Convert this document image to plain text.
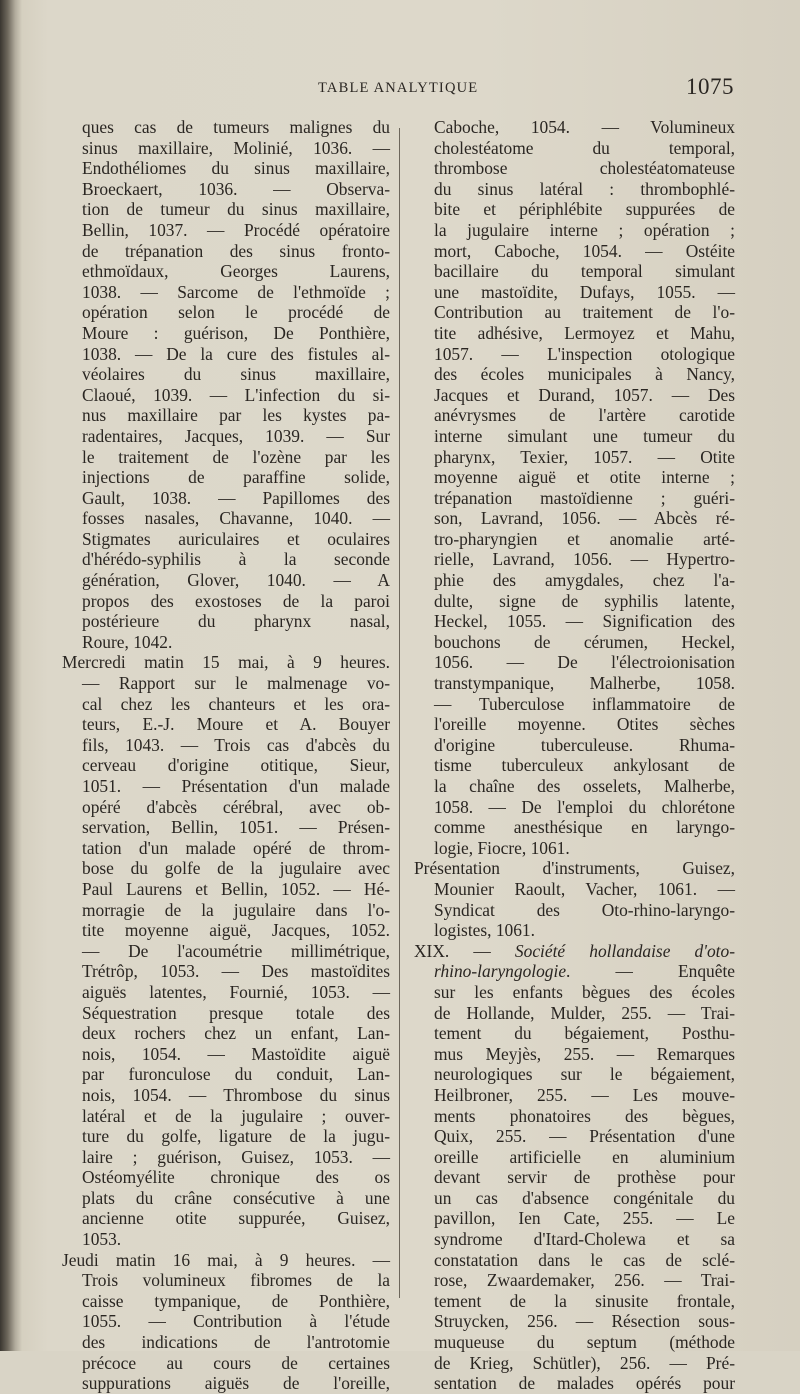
TABLE ANALYTIQUE	1075
ques cas de tumeurs malignes du
sinus maxillaire, Molinié, 1036. —
Endothéliomes du sinus maxillaire,
Broeckaert, 1036. — Observa-
tion de tumeur du sinus maxillaire,
Bellin, 1037. — Procédé opératoire
de trépanation des sinus fronto-
ethmoïdaux, Georges Laurens,
1038. — Sarcome de l'ethmoïde ;
opération selon le procédé de
Moure : guérison, De Ponthière,
1038. — De la cure des fistules al-
véolaires du sinus maxillaire,
Claoué, 1039. — L'infection du si-
nus maxillaire par les kystes pa-
radentaires, Jacques, 1039. — Sur
le traitement de l'ozène par les
injections de paraffine solide,
Gault, 1038. — Papillomes des
fosses nasales, Chavanne, 1040. —
Stigmates auriculaires et oculaires
d'hérédo-syphilis à la seconde
génération, Glover, 1040. — A
propos des exostoses de la paroi
postérieure du pharynx nasal,
Roure, 1042.
Mercredi matin 15 mai, à 9 heures.
— Rapport sur le malmenage vo-
cal chez les chanteurs et les ora-
teurs, E.-J. Moure et A. Bouyer
fils, 1043. — Trois cas d'abcès du
cerveau d'origine otitique, Sieur,
1051. — Présentation d'un malade
opéré d'abcès cérébral, avec ob-
servation, Bellin, 1051. — Présen-
tation d'un malade opéré de throm-
bose du golfe de la jugulaire avec
Paul Laurens et Bellin, 1052. — Hé-
morragie de la jugulaire dans l'o-
tite moyenne aiguë, Jacques, 1052.
— De l'acoumétrie millimétrique,
Trétrôp, 1053. — Des mastoïdites
aiguës latentes, Fournié, 1053. —
Séquestration presque totale des
deux rochers chez un enfant, Lan-
nois, 1054. — Mastoïdite aiguë
par furonculose du conduit, Lan-
nois, 1054. — Thrombose du sinus
latéral et de la jugulaire ; ouver-
ture du golfe, ligature de la jugu-
laire ; guérison, Guisez, 1053. —
Ostéomyélite chronique des os
plats du crâne consécutive à une
ancienne otite suppurée, Guisez,
1053.
Jeudi matin 16 mai, à 9 heures. —
Trois volumineux fibromes de la
caisse tympanique, de Ponthière,
1055. — Contribution à l'étude
des indications de l'antrotomie
précoce au cours de certaines
suppurations aiguës de l'oreille,
Caboche, 1054. — Volumineux
cholestéatome du temporal,
thrombose cholestéatomateuse
du sinus latéral : thrombophlé-
bite et périphlébite suppurées de
la jugulaire interne ; opération ;
mort, Caboche, 1054. — Ostéite
bacillaire du temporal simulant
une mastoïdite, Dufays, 1055. —
Contribution au traitement de l'o-
tite adhésive, Lermoyez et Mahu,
1057. — L'inspection otologique
des écoles municipales à Nancy,
Jacques et Durand, 1057. — Des
anévrysmes de l'artère carotide
interne simulant une tumeur du
pharynx, Texier, 1057. — Otite
moyenne aiguë et otite interne ;
trépanation mastoïdienne ; guéri-
son, Lavrand, 1056. — Abcès ré-
tro-pharyngien et anomalie arté-
rielle, Lavrand, 1056. — Hypertro-
phie des amygdales, chez l'a-
dulte, signe de syphilis latente,
Heckel, 1055. — Signification des
bouchons de cérumen, Heckel,
1056. — De l'électroionisation
transtympanique, Malherbe, 1058.
— Tuberculose inflammatoire de
l'oreille moyenne. Otites sèches
d'origine tuberculeuse. Rhuma-
tisme tuberculeux ankylosant de
la chaîne des osselets, Malherbe,
1058. — De l'emploi du chlorétone
comme anesthésique en laryngo-
logie, Fiocre, 1061.
Présentation d'instruments, Guisez,
Mounier Raoult, Vacher, 1061. —
Syndicat des Oto-rhino-laryngo-
logistes, 1061.
XIX. — Société hollandaise d'oto-
rhino-laryngologie. — Enquête
sur les enfants bègues des écoles
de Hollande, Mulder, 255. — Trai-
tement du bégaiement, Posthu-
mus Meyjès, 255. — Remarques
neurologiques sur le bégaiement,
Heilbroner, 255. — Les mouve-
ments phonatoires des bègues,
Quix, 255. — Présentation d'une
oreille artificielle en aluminium
devant servir de prothèse pour
un cas d'absence congénitale du
pavillon, Ien Cate, 255. — Le
syndrome d'Itard-Cholewa et sa
constatation dans le cas de sclé-
rose, Zwaardemaker, 256. — Trai-
tement de la sinusite frontale,
Struycken, 256. — Résection sous-
muqueuse du septum (méthode
de Krieg, Schütler), 256. — Pré-
sentation de malades opérés pour
